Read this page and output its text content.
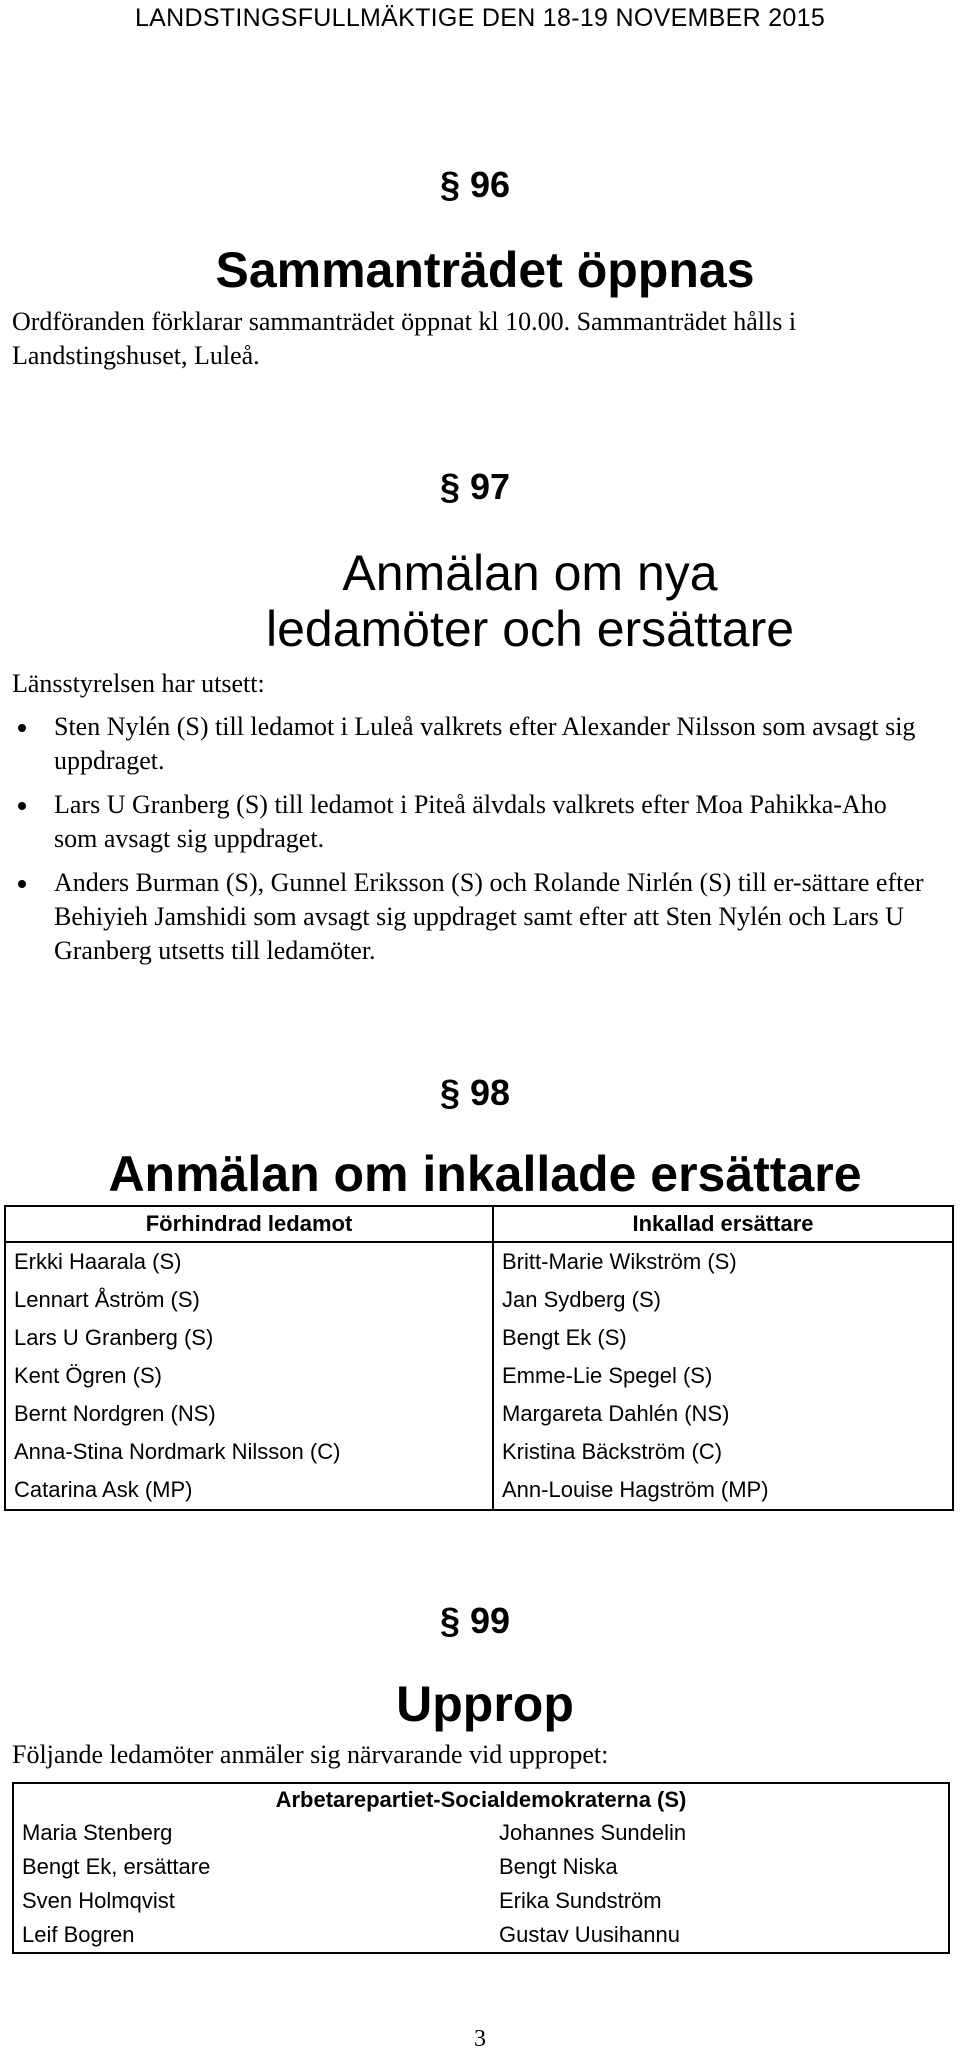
LANDSTINGSFULLMÄKTIGE DEN 18-19 NOVEMBER 2015
§ 96
Sammanträdet öppnas
Ordföranden förklarar sammanträdet öppnat kl 10.00. Sammanträdet hålls i Landstingshuset, Luleå.
§ 97
Anmälan om nya
ledamöter och ersättare
Länsstyrelsen har utsett:
Sten Nylén (S) till ledamot i Luleå valkrets efter Alexander Nilsson som avsagt sig uppdraget.
Lars U Granberg (S) till ledamot i Piteå älvdals valkrets efter Moa Pahikka-Aho som avsagt sig uppdraget.
Anders Burman (S), Gunnel Eriksson (S) och Rolande Nirlén (S) till er-sättare efter Behiyieh Jamshidi som avsagt sig uppdraget samt efter att Sten Nylén och Lars U Granberg utsetts till ledamöter.
§ 98
Anmälan om inkallade ersättare
Förhindrad ledamot	Inkallad ersättare
Erkki Haarala (S)	Britt-Marie Wikström (S)
Lennart Åström (S)	Jan Sydberg (S)
Lars U Granberg (S)	Bengt Ek (S)
Kent Ögren (S)	Emme-Lie Spegel (S)
Bernt Nordgren (NS)	Margareta Dahlén (NS)
Anna-Stina Nordmark Nilsson (C)	Kristina Bäckström (C)
Catarina Ask (MP)	Ann-Louise Hagström (MP)
§ 99
Upprop
Följande ledamöter anmäler sig närvarande vid uppropet:
Arbetarepartiet-Socialdemokraterna (S)	
Maria Stenberg	Johannes Sundelin
Bengt Ek, ersättare	Bengt Niska
Sven Holmqvist	Erika Sundström
Leif Bogren	Gustav Uusihannu
3
